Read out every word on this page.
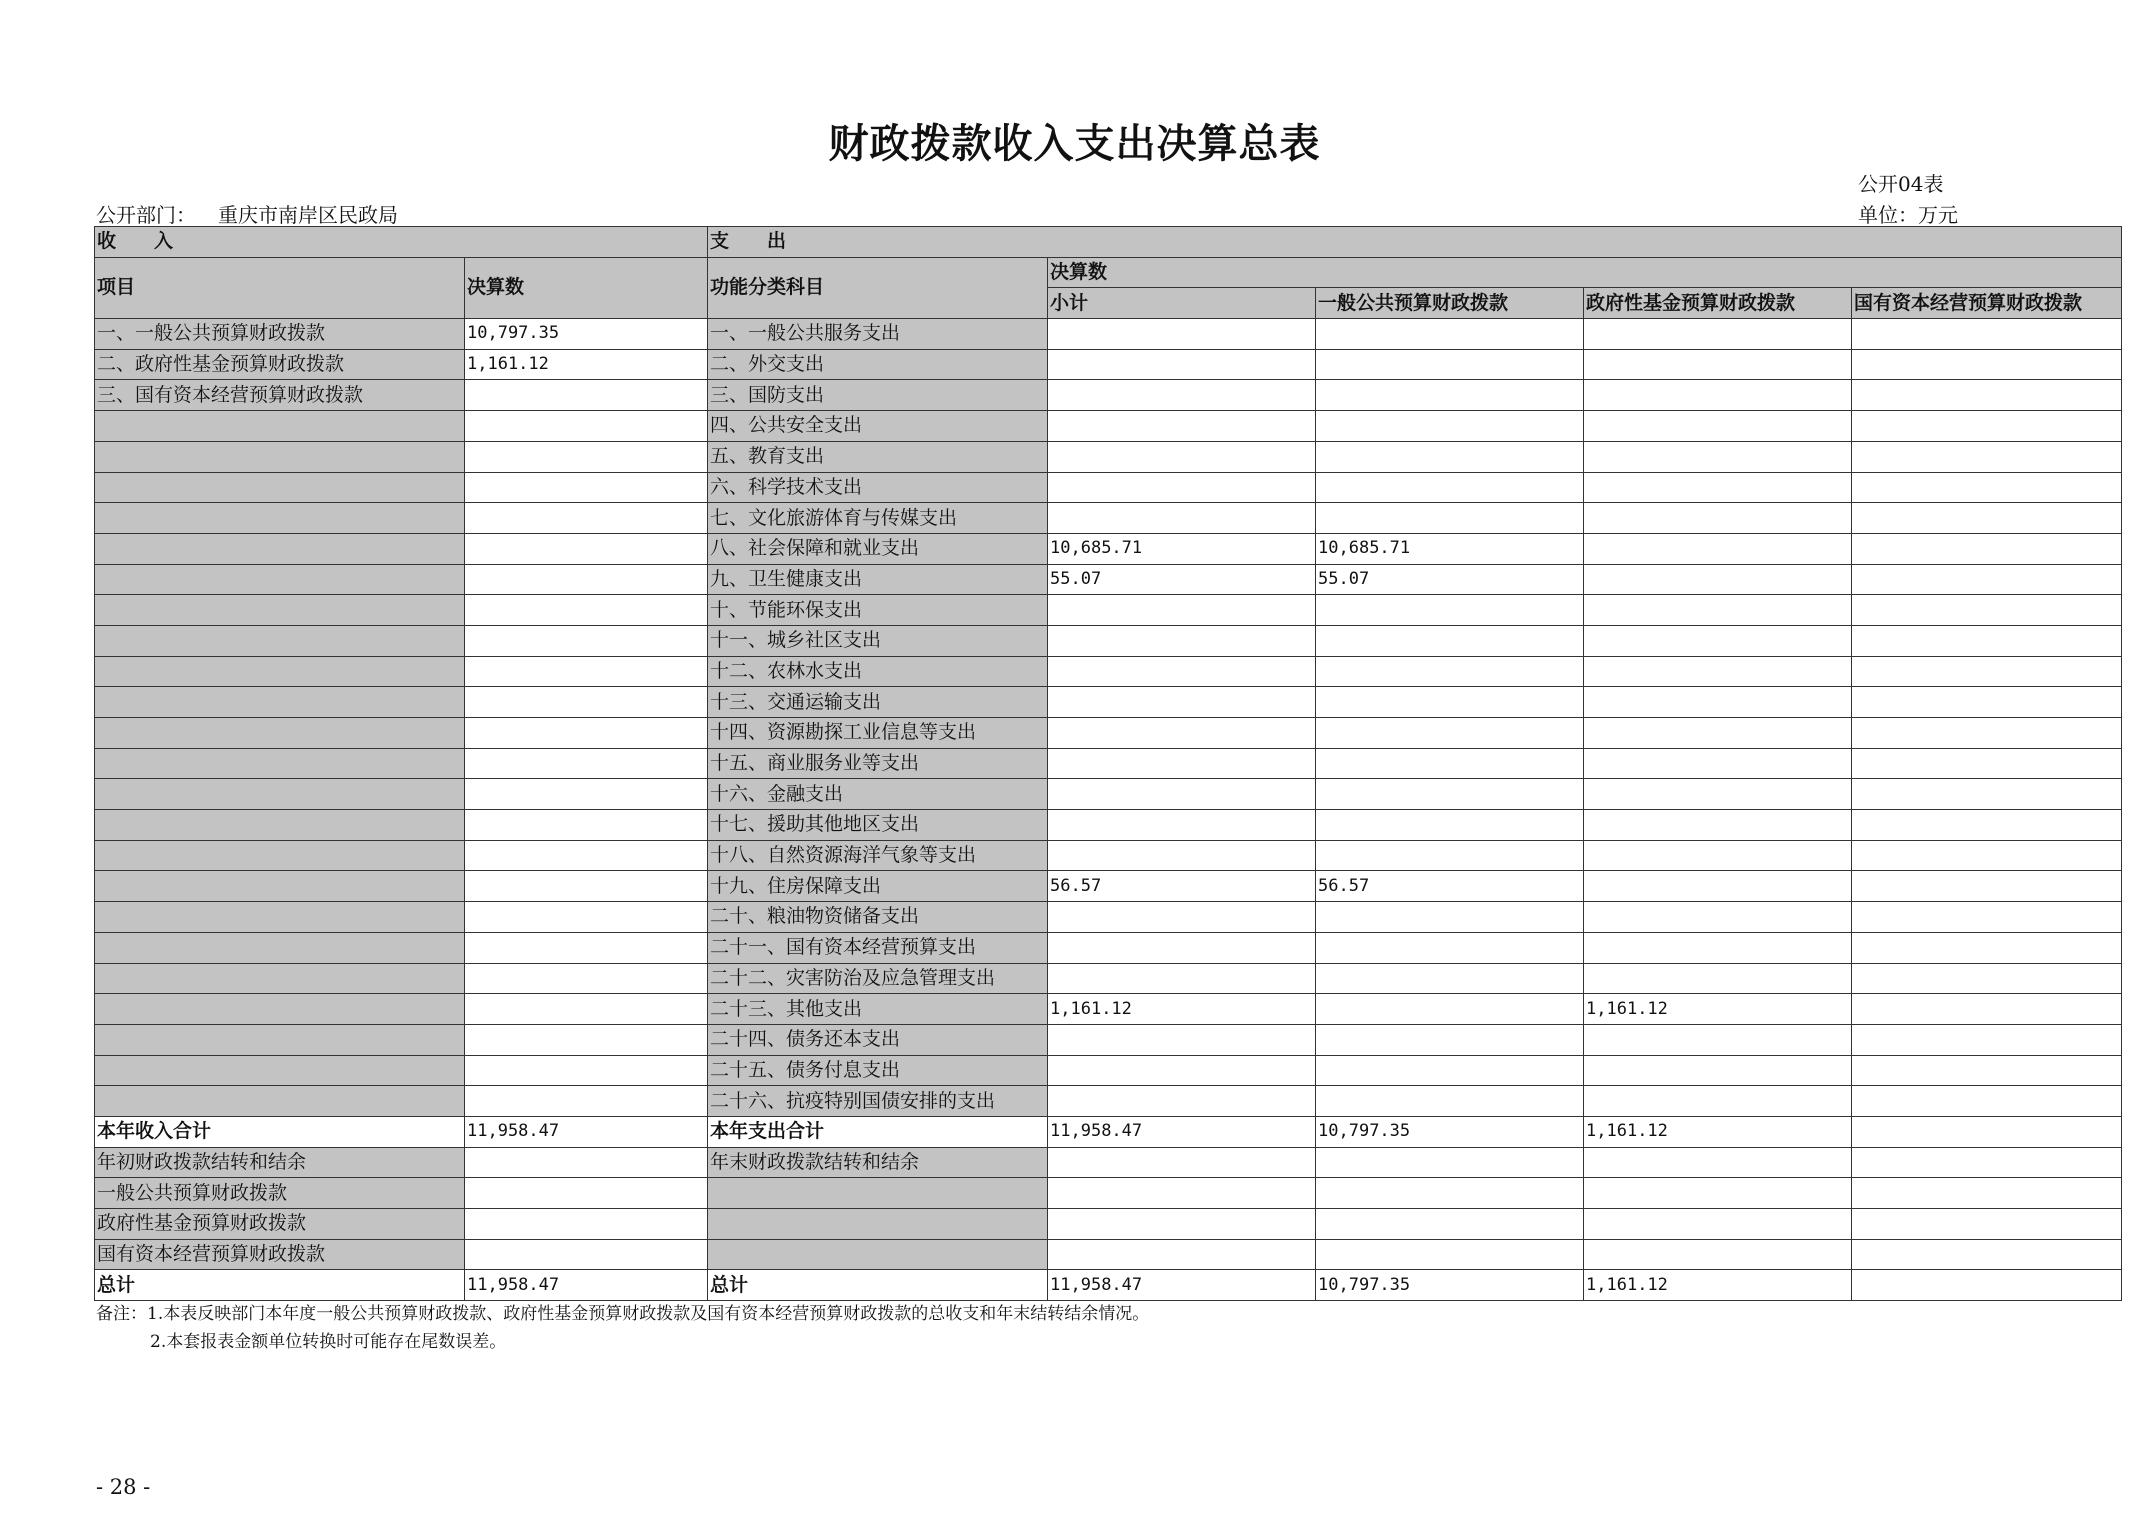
财政拨款收入支出决算总表
公开04表
公开部门： 重庆市南岸区民政局	单位：万元
收　　入		支　　出				
项目	决算数	功能分类科目	决算数			
			小计	一般公共预算财政拨款	政府性基金预算财政拨款	国有资本经营预算财政拨款
一、一般公共预算财政拨款	10,797.35	一、一般公共服务支出				
二、政府性基金预算财政拨款	1,161.12	二、外交支出				
三、国有资本经营预算财政拨款		三、国防支出				
		四、公共安全支出				
		五、教育支出				
		六、科学技术支出				
		七、文化旅游体育与传媒支出				
		八、社会保障和就业支出	10,685.71	10,685.71		
		九、卫生健康支出	55.07	55.07		
		十、节能环保支出				
		十一、城乡社区支出				
		十二、农林水支出				
		十三、交通运输支出				
		十四、资源勘探工业信息等支出				
		十五、商业服务业等支出				
		十六、金融支出				
		十七、援助其他地区支出				
		十八、自然资源海洋气象等支出				
		十九、住房保障支出	56.57	56.57		
		二十、粮油物资储备支出				
		二十一、国有资本经营预算支出				
		二十二、灾害防治及应急管理支出				
		二十三、其他支出	1,161.12		1,161.12	
		二十四、债务还本支出				
		二十五、债务付息支出				
		二十六、抗疫特别国债安排的支出				
本年收入合计	11,958.47	本年支出合计	11,958.47	10,797.35	1,161.12	
年初财政拨款结转和结余		年末财政拨款结转和结余				
一般公共预算财政拨款						
政府性基金预算财政拨款						
国有资本经营预算财政拨款						
总计	11,958.47	总计	11,958.47	10,797.35	1,161.12	
备注：1.本表反映部门本年度一般公共预算财政拨款、政府性基金预算财政拨款及国有资本经营预算财政拨款的总收支和年末结转结余情况。
2.本套报表金额单位转换时可能存在尾数误差。
- 28 -
